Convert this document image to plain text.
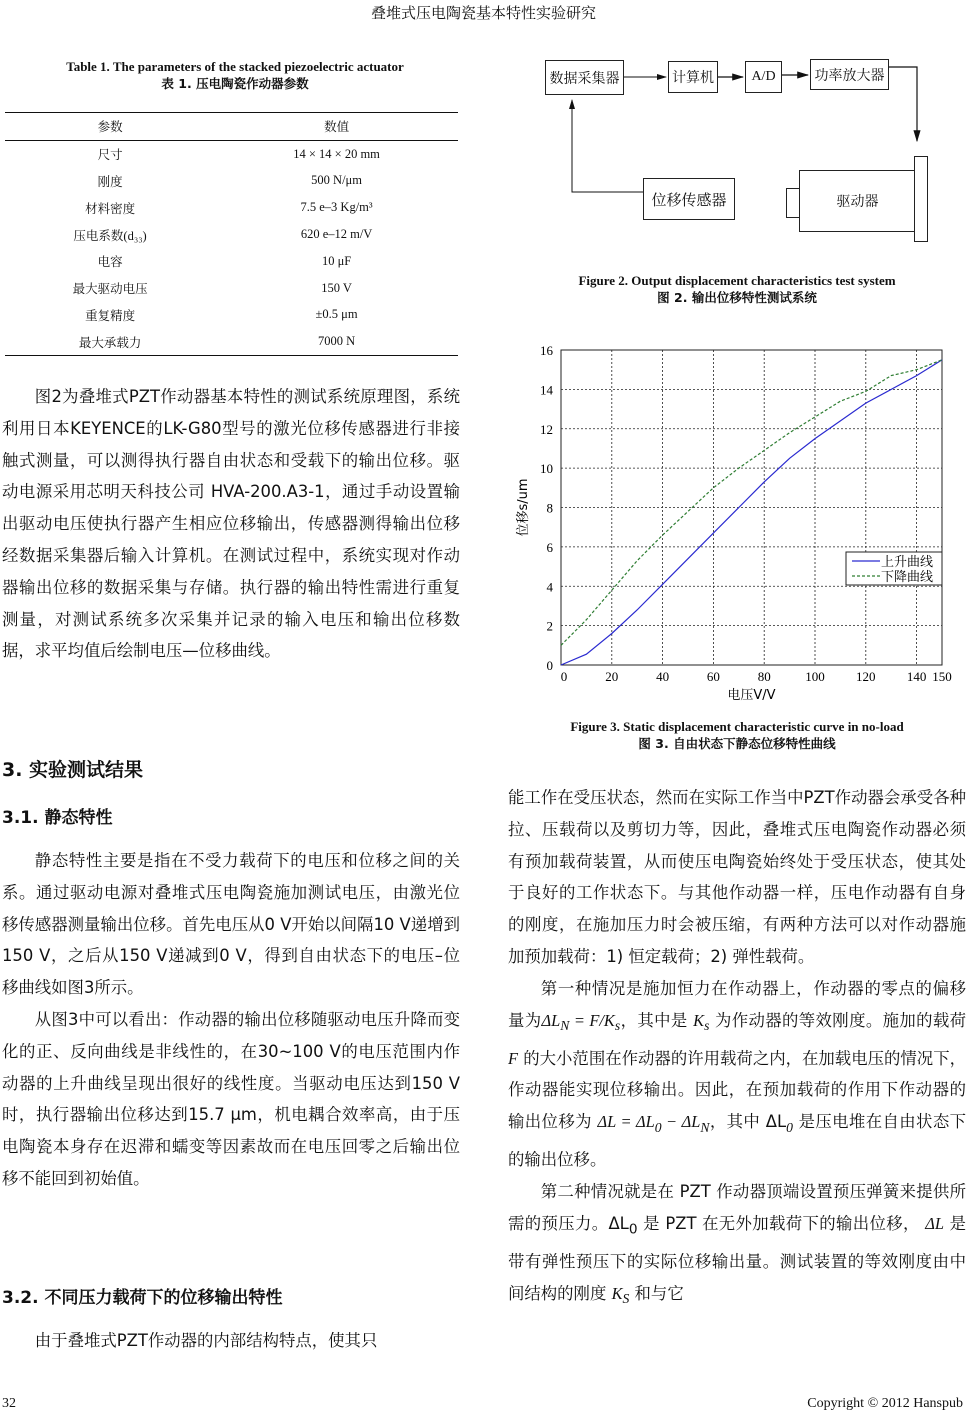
叠堆式压电陶瓷基本特性实验研究
Table 1. The parameters of the stacked piezoelectric actuator
表 1. 压电陶瓷作动器参数
参数	数值
尺寸	14 × 14 × 20 mm
刚度	500 N/μm
材料密度	7.5 e–3 Kg/m³
压电系数(d₃₃)	620 e–12 m/V
电容	10 μF
最大驱动电压	150 V
重复精度	±0.5 μm
最大承载力	7000 N

图2为叠堆式PZT作动器基本特性的测试系统原理图，系统利用日本KEYENCE的LK-G80型号的激光位移传感器进行非接触式测量，可以测得执行器自由状态和受载下的输出位移。驱动电源采用芯明天科技公司 HVA-200.A3-1，通过手动设置输出驱动电压使执行器产生相应位移输出，传感器测得输出位移经数据采集器后输入计算机。在测试过程中，系统实现对作动器输出位移的数据采集与存储。执行器的输出特性需进行重复测量，对测试系统多次采集并记录的输入电压和输出位移数据，求平均值后绘制电压—位移曲线。

3. 实验测试结果
3.1. 静态特性

静态特性主要是指在不受力载荷下的电压和位移之间的关系。通过驱动电源对叠堆式压电陶瓷施加测试电压，由激光位移传感器测量输出位移。首先电压从0 V开始以间隔10 V递增到150 V，之后从150 V递减到0 V，得到自由状态下的电压–位移曲线如图3所示。

从图3中可以看出：作动器的输出位移随驱动电压升降而变化的正、反向曲线是非线性的，在30~100 V的电压范围内作动器的上升曲线呈现出很好的线性度。当驱动电压达到150 V时，执行器输出位移达到15.7 μm，机电耦合效率高，由于压电陶瓷本身存在迟滞和蠕变等因素故而在电压回零之后输出位移不能回到初始值。

3.2. 不同压力载荷下的位移输出特性

由于叠堆式PZT作动器的内部结构特点，使其只

数据采集器	计算机	A/D	功率放大器
位移传感器	驱动器
Figure 2. Output displacement characteristics test system
图 2. 输出位移特性测试系统
0	20	40	60	80	100 120 140 150
0
2
4
6
8
10
12
14
16
电压V/V
位移s/um
上升曲线
下降曲线
Figure 3. Static displacement characteristic curve in no-load
图 3. 自由状态下静态位移特性曲线

能工作在受压状态，然而在实际工作当中PZT作动器会承受各种拉、压载荷以及剪切力等，因此，叠堆式压电陶瓷作动器必须有预加载荷装置，从而使压电陶瓷始终处于受压状态，使其处于良好的工作状态下。与其他作动器一样，压电作动器有自身的刚度，在施加压力时会被压缩，有两种方法可以对作动器施加预加载荷：1) 恒定载荷；2) 弹性载荷。

第一种情况是施加恒力在作动器上，作动器的零点的偏移量为$\Delta L_N = F/K_s$，其中是 $K_s$ 为作动器的等效刚度。施加的载荷 F 的大小范围在作动器的许用载荷之内，在加载电压的情况下，作动器能实现位移输出。因此，在预加载荷的作用下作动器的输出位移为 $\Delta L = \Delta L_0 - \Delta L_N$，其中 $\Delta L_0$ 是压电堆在自由状态下的输出位移。

第二种情况就是在 PZT 作动器顶端设置预压弹簧来提供所需的预压力。$\Delta L_0$ 是 PZT 在无外加载荷下的输出位移， ΔL 是带有弹性预压下的实际位移输出量。测试装置的等效刚度由中间结构的刚度 $K_S$ 和与它

32	Copyright © 2012 Hanspub
